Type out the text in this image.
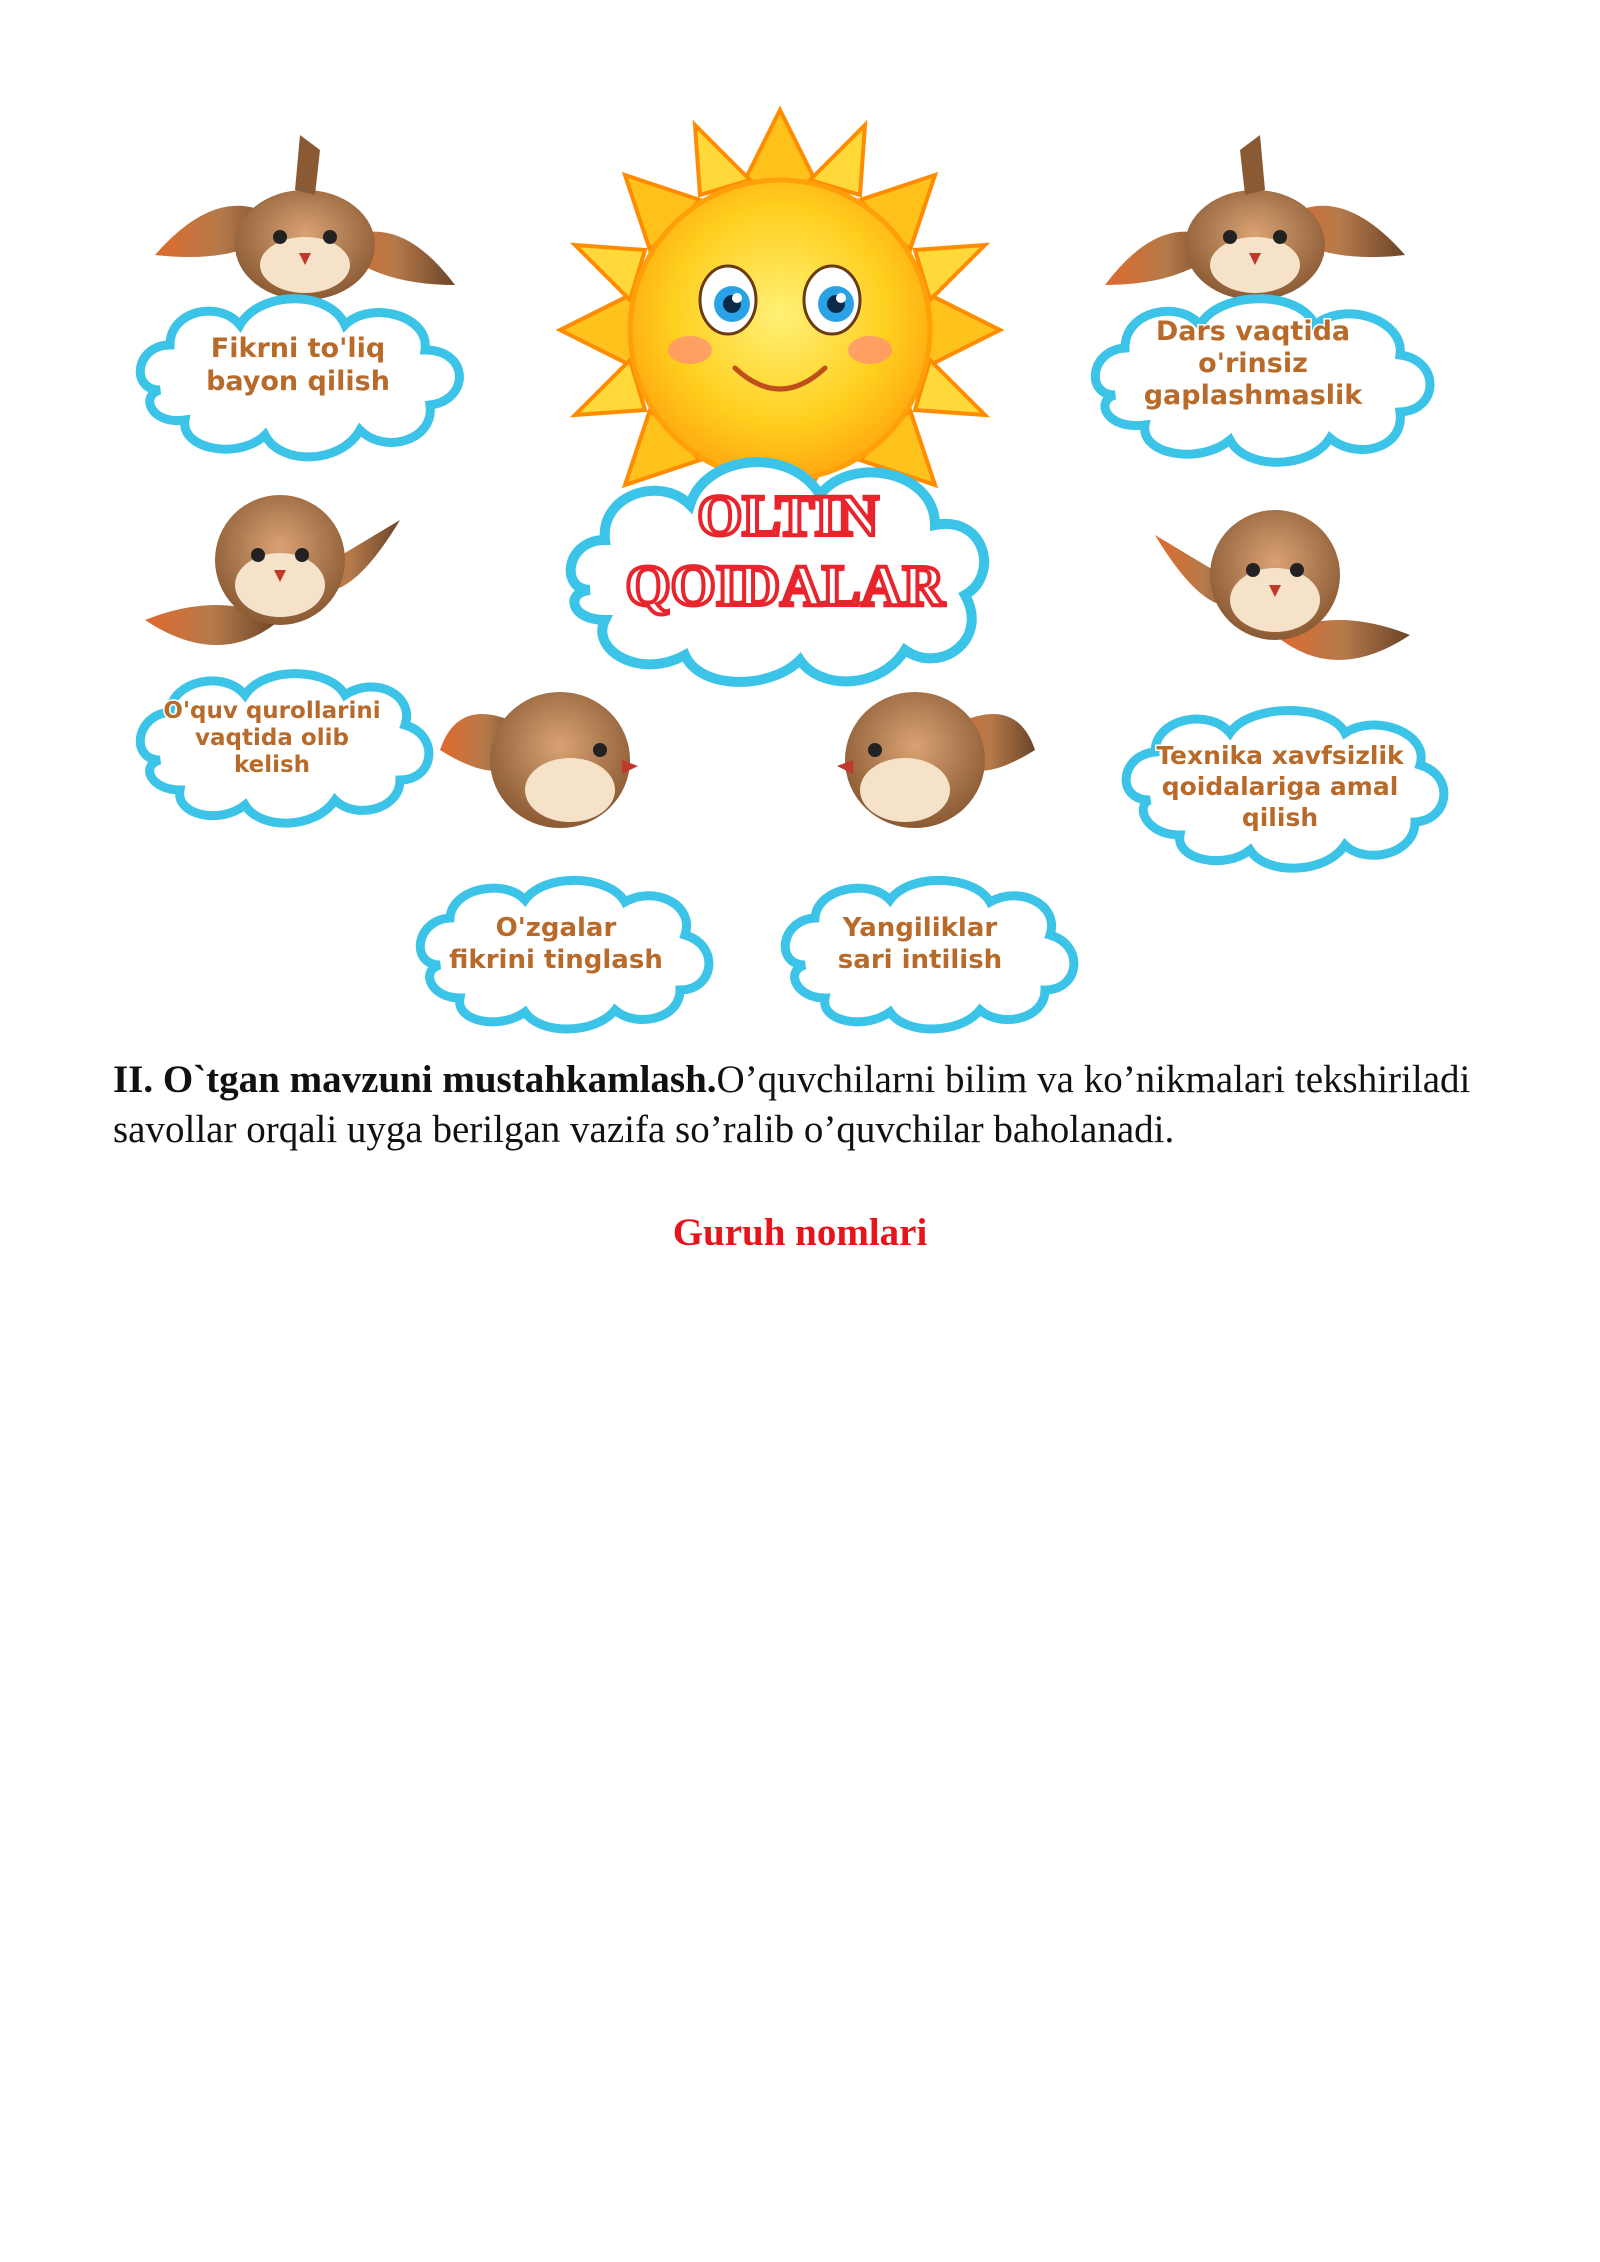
OLTIN
QOIDALAR
Fikrni to'liq
bayon qilish
Dars vaqtida
o'rinsiz
gaplashmaslik
O'quv qurollarini
vaqtida olib
kelish	Texnika xavfsizlik
qoidalariga amal
qilish
O'zgalar
fikrini tinglash
Yangiliklar
sari intilish
II. O`tgan mavzuni mustahkamlash.O’quvchilarni bilim va ko’nikmalari tekshiriladi savollar orqali uyga berilgan vazifa so’ralib o’quvchilar baholanadi.
Guruh nomlari
